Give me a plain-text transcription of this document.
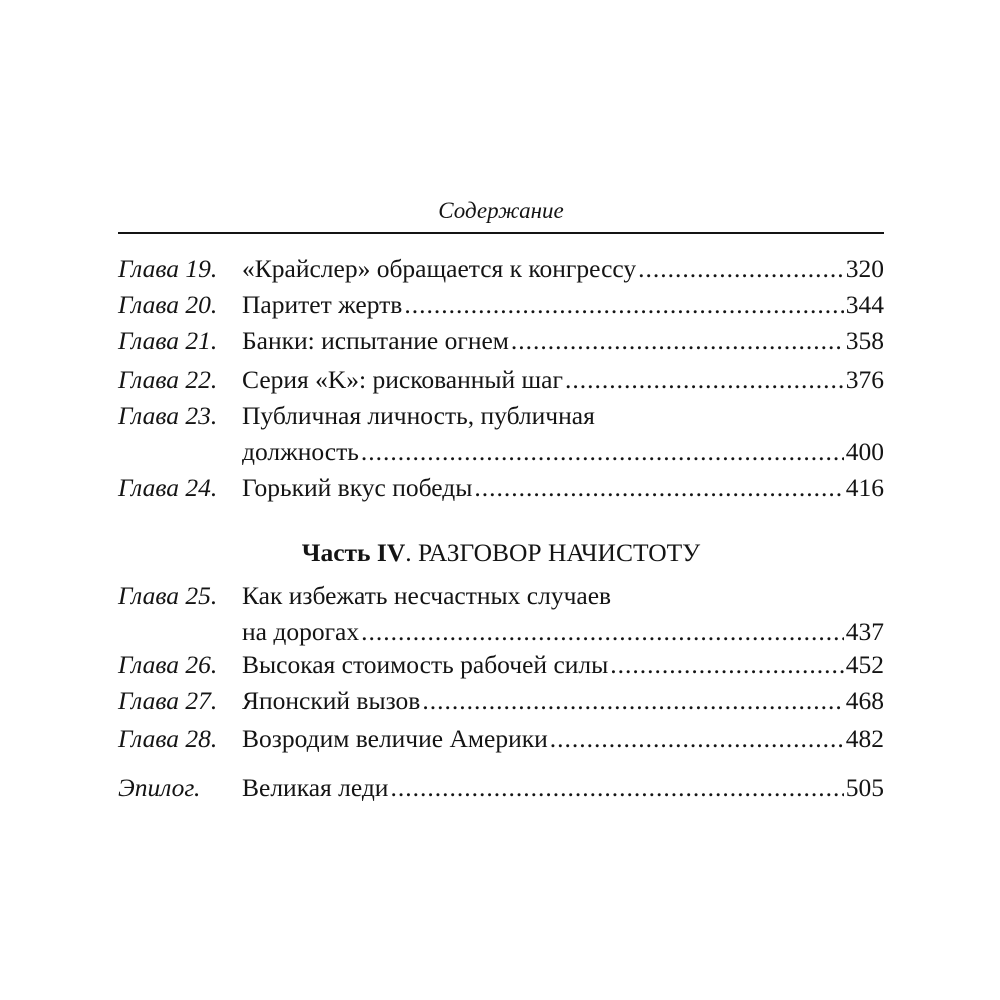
Содержание
Глава 19. «Крайслер» обращается к конгрессу .....	320
Глава 20. Паритет жертв .....	344
Глава 21. Банки: испытание огнем .....	358
Глава 22. Серия «K»: рискованный шаг .....	376
Глава 23. Публичная личность, публичная
должность .....	400
Глава 24. Горький вкус победы .....	416
Часть IV. РАЗГОВОР НАЧИСТОТУ
Глава 25. Как избежать несчастных случаев
на дорогах .....	437
Глава 26. Высокая стоимость рабочей силы .....	452
Глава 27. Японский вызов .....	468
Глава 28. Возродим величие Америки .....	482
Эпилог. Великая леди .....	505
